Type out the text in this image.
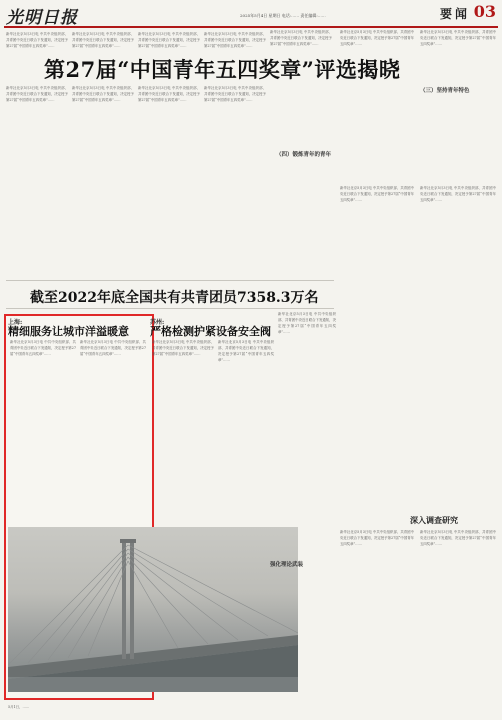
光明日报	2025年5月4日 星期日 电话:…… 责任编辑:……	要闻 03

新华社北京5月3日电 中共中央组织部、共青团中央近日联合下发通知，决定授予第27届“中国青年五四奖章”……

新华社北京5月3日电 中共中央组织部、共青团中央近日联合下发通知，决定授予第27届“中国青年五四奖章”……

新华社北京5月3日电 中共中央组织部、共青团中央近日联合下发通知，决定授予第27届“中国青年五四奖章”……

新华社北京5月3日电 中共中央组织部、共青团中央近日联合下发通知，决定授予第27届“中国青年五四奖章”……

第27届“中国青年五四奖章”评选揭晓

新华社北京5月3日电 中共中央组织部、共青团中央近日联合下发通知，决定授予第27届“中国青年五四奖章”……

新华社北京5月3日电 中共中央组织部、共青团中央近日联合下发通知，决定授予第27届“中国青年五四奖章”……

新华社北京5月3日电 中共中央组织部、共青团中央近日联合下发通知，决定授予第27届“中国青年五四奖章”……

新华社北京5月3日电 中共中央组织部、共青团中央近日联合下发通知，决定授予第27届“中国青年五四奖章”……

新华社北京5月3日电 中共中央组织部、共青团中央近日联合下发通知，决定授予第27届“中国青年五四奖章”……

（四）锻炼青年的青年

新华社北京5月3日电 中共中央组织部、共青团中央近日联合下发通知，决定授予第27届“中国青年五四奖章”……

新华社北京5月3日电 中共中央组织部、共青团中央近日联合下发通知，决定授予第27届“中国青年五四奖章”……

（三）坚持青年特色

新华社北京5月3日电 中共中央组织部、共青团中央近日联合下发通知，决定授予第27届“中国青年五四奖章”……

新华社北京5月3日电 中共中央组织部、共青团中央近日联合下发通知，决定授予第27届“中国青年五四奖章”……

截至2022年底全国共有共青团员7358.3万名
上海:
精细服务让城市洋溢暖意

新华社北京5月3日电 中共中央组织部、共青团中央近日联合下发通知，决定授予第27届“中国青年五四奖章”……

新华社北京5月3日电 中共中央组织部、共青团中央近日联合下发通知，决定授予第27届“中国青年五四奖章”……

苏州:
严格检测护紧设备安全阀

新华社北京5月3日电 中共中央组织部、共青团中央近日联合下发通知，决定授予第27届“中国青年五四奖章”……

新华社北京5月3日电 中共中央组织部、共青团中央近日联合下发通知，决定授予第27届“中国青年五四奖章”……

新华社北京5月3日电 中共中央组织部、共青团中央近日联合下发通知，决定授予第27届“中国青年五四奖章”……

深入调查研究

新华社北京5月3日电 中共中央组织部、共青团中央近日联合下发通知，决定授予第27届“中国青年五四奖章”……

新华社北京5月3日电 中共中央组织部、共青团中央近日联合下发通知，决定授予第27届“中国青年五四奖章”……

强化理论武装
5月1日，……
